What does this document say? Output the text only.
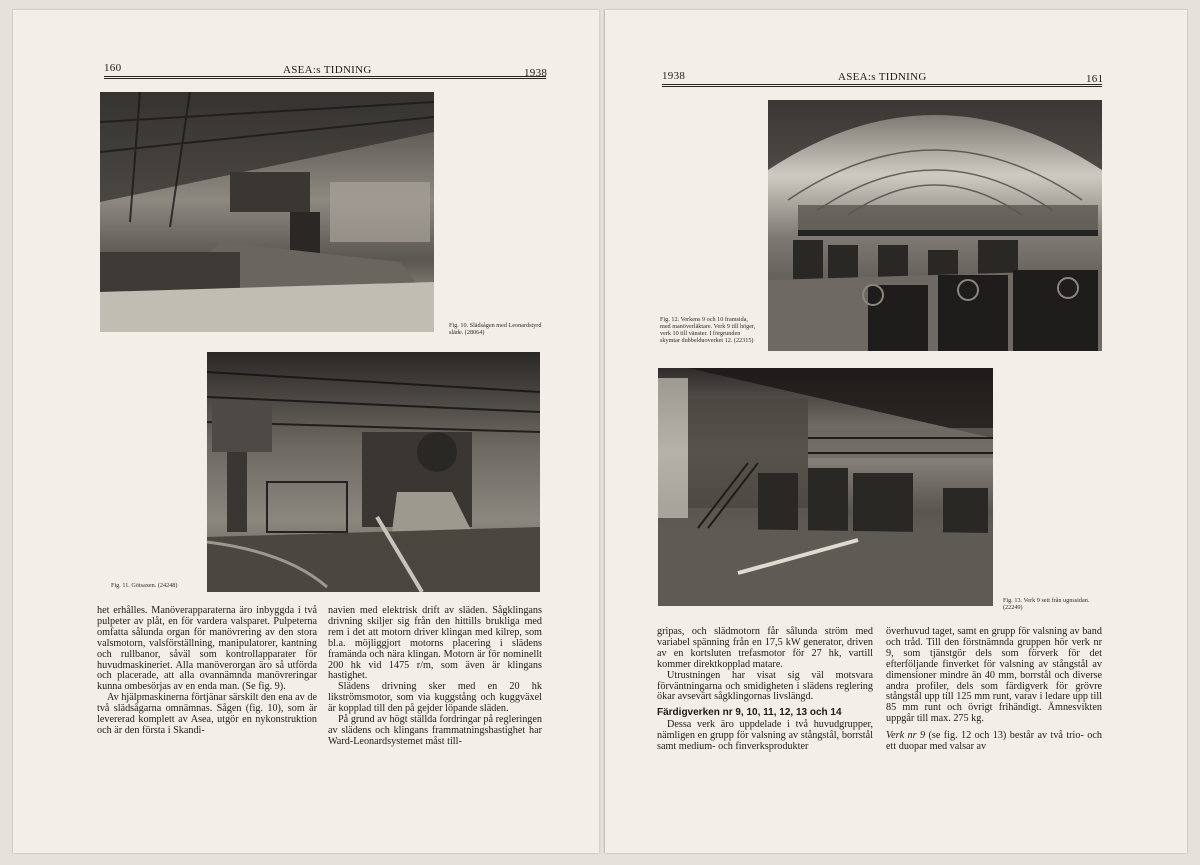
160	ASEA:s TIDNING	1938
Fig. 10. Slädsågen med Leonardstyrd släde. (28064)
Fig. 11. Götsaxen. (24248)

het erhålles. Manöverapparaterna äro inbyggda i två pulpeter av plåt, en för vardera valsparet. Pulpeterna omfatta sålunda organ för manövrering av den stora valsmotorn, valsförställning, manipulatorer, kantning och rullbanor, såväl som kontrollapparater för huvudmaskineriet. Alla manöverorgan äro så utförda och placerade, att alla ovannämnda manövreringar kunna ombesörjas av en enda man. (Se fig. 9).

Av hjälpmaskinerna förtjänar särskilt den ena av de två slädsågarna omnämnas. Sågen (fig. 10), som är levererad komplett av Asea, utgör en nykonstruktion och är den första i Skandi-

navien med elektrisk drift av släden. Sågklingans drivning skiljer sig från den hittills brukliga med rem i det att motorn driver klingan med kilrep, som bl.a. möjliggjort motorns placering i slädens framända och nära klingan. Motorn är för nominellt 200 hk vid 1475 r/m, som även är klingans hastighet.

Slädens drivning sker med en 20 hk likströmsmotor, som via kuggstång och kuggväxel är kopplad till den på gejder löpande släden.

På grund av högt ställda fordringar på regleringen av slädens och klingans frammatningshastighet har Ward-Leonardsystemet måst till-

1938	ASEA:s TIDNING	161
Fig. 12. Verkens 9 och 10 framsida, med manöverläktare. Verk 9 till höger, verk 10 till vänster. I förgrunden skymtar dubbelduoverket 12. (22315)
Fig. 13. Verk 9 sett från ugnssidan. (22249)

gripas, och slädmotorn får sålunda ström med variabel spänning från en 17,5 kW generator, driven av en kortsluten trefasmotor för 27 hk, vartill kommer direktkopplad matare.

Utrustningen har visat sig väl motsvara förväntningarna och smidigheten i slädens reglering ökar avsevärt sågklingornas livslängd.

Färdigverken nr 9, 10, 11, 12, 13 och 14

Dessa verk äro uppdelade i två huvudgrupper, nämligen en grupp för valsning av stångstål, borrstål samt medium- och finverksprodukter

överhuvud taget, samt en grupp för valsning av band och tråd. Till den förstnämnda gruppen hör verk nr 9, som tjänstgör dels som förverk för det efterföljande finverket för valsning av stångstål av dimensioner mindre än 40 mm, borrstål och diverse andra profiler, dels som färdigverk för grövre stångstål upp till 125 mm runt, varav i ledare upp till 85 mm runt och övrigt frihändigt. Ämnesvikten uppgår till max. 275 kg.

Verk nr 9 (se fig. 12 och 13) består av två trio- och ett duopar med valsar av
